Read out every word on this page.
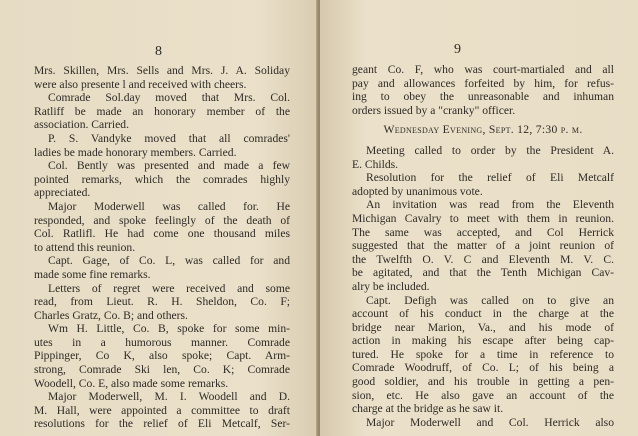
8
Mrs. Skillen, Mrs. Sells and Mrs. J. A. Soliday
were also presente l and received with cheers.
Comrade Sol.day moved that Mrs. Col.
Ratliff be made an honorary member of the
association. Carried.
P. S. Vandyke moved that all comrades'
ladies be made honorary members. Carried.
Col. Bently was presented and made a few
pointed remarks, which the comrades highly
appreciated.
Major Moderwell was called for. He
responded, and spoke feelingly of the death of
Col. Ratlifl. He had come one thousand miles
to attend this reunion.
Capt. Gage, of Co. L, was called for and
made some fine remarks.
Letters of regret were received and some
read, from Lieut. R. H. Sheldon, Co. F;
Charles Gratz, Co. B; and others.
Wm H. Little, Co. B, spoke for some min-
utes in a humorous manner. Comrade
Pippinger, Co K, also spoke; Capt. Arm-
strong, Comrade Ski len, Co. K; Comrade
Woodell, Co. E, also made some remarks.
Major Moderwell, M. I. Woodell and D.
M. Hall, were appointed a committee to draft
resolutions for the relief of Eli Metcalf, Ser-
9
geant Co. F, who was court-martialed and all
pay and allowances forfeited by him, for refus-
ing to obey the unreasonable and inhuman
orders issued by a "cranky" officer.
Wednesday Evening, Sept. 12, 7:30 p. m.
Meeting called to order by the President A.
E. Childs.
Resolution for the relief of Eli Metcalf
adopted by unanimous vote.
An invitation was read from the Eleventh
Michigan Cavalry to meet with them in reunion.
The same was accepted, and Col Herrick
suggested that the matter of a joint reunion of
the Twelfth O. V. C and Eleventh M. V. C.
be agitated, and that the Tenth Michigan Cav-
alry be included.
Capt. Defigh was called on to give an
account of his conduct in the charge at the
bridge near Marion, Va., and his mode of
action in making his escape after being cap-
tured. He spoke for a time in reference to
Comrade Woodruff, of Co. L; of his being a
good soldier, and his trouble in getting a pen-
sion, etc. He also gave an account of the
charge at the bridge as he saw it.
Major Moderwell and Col. Herrick also
